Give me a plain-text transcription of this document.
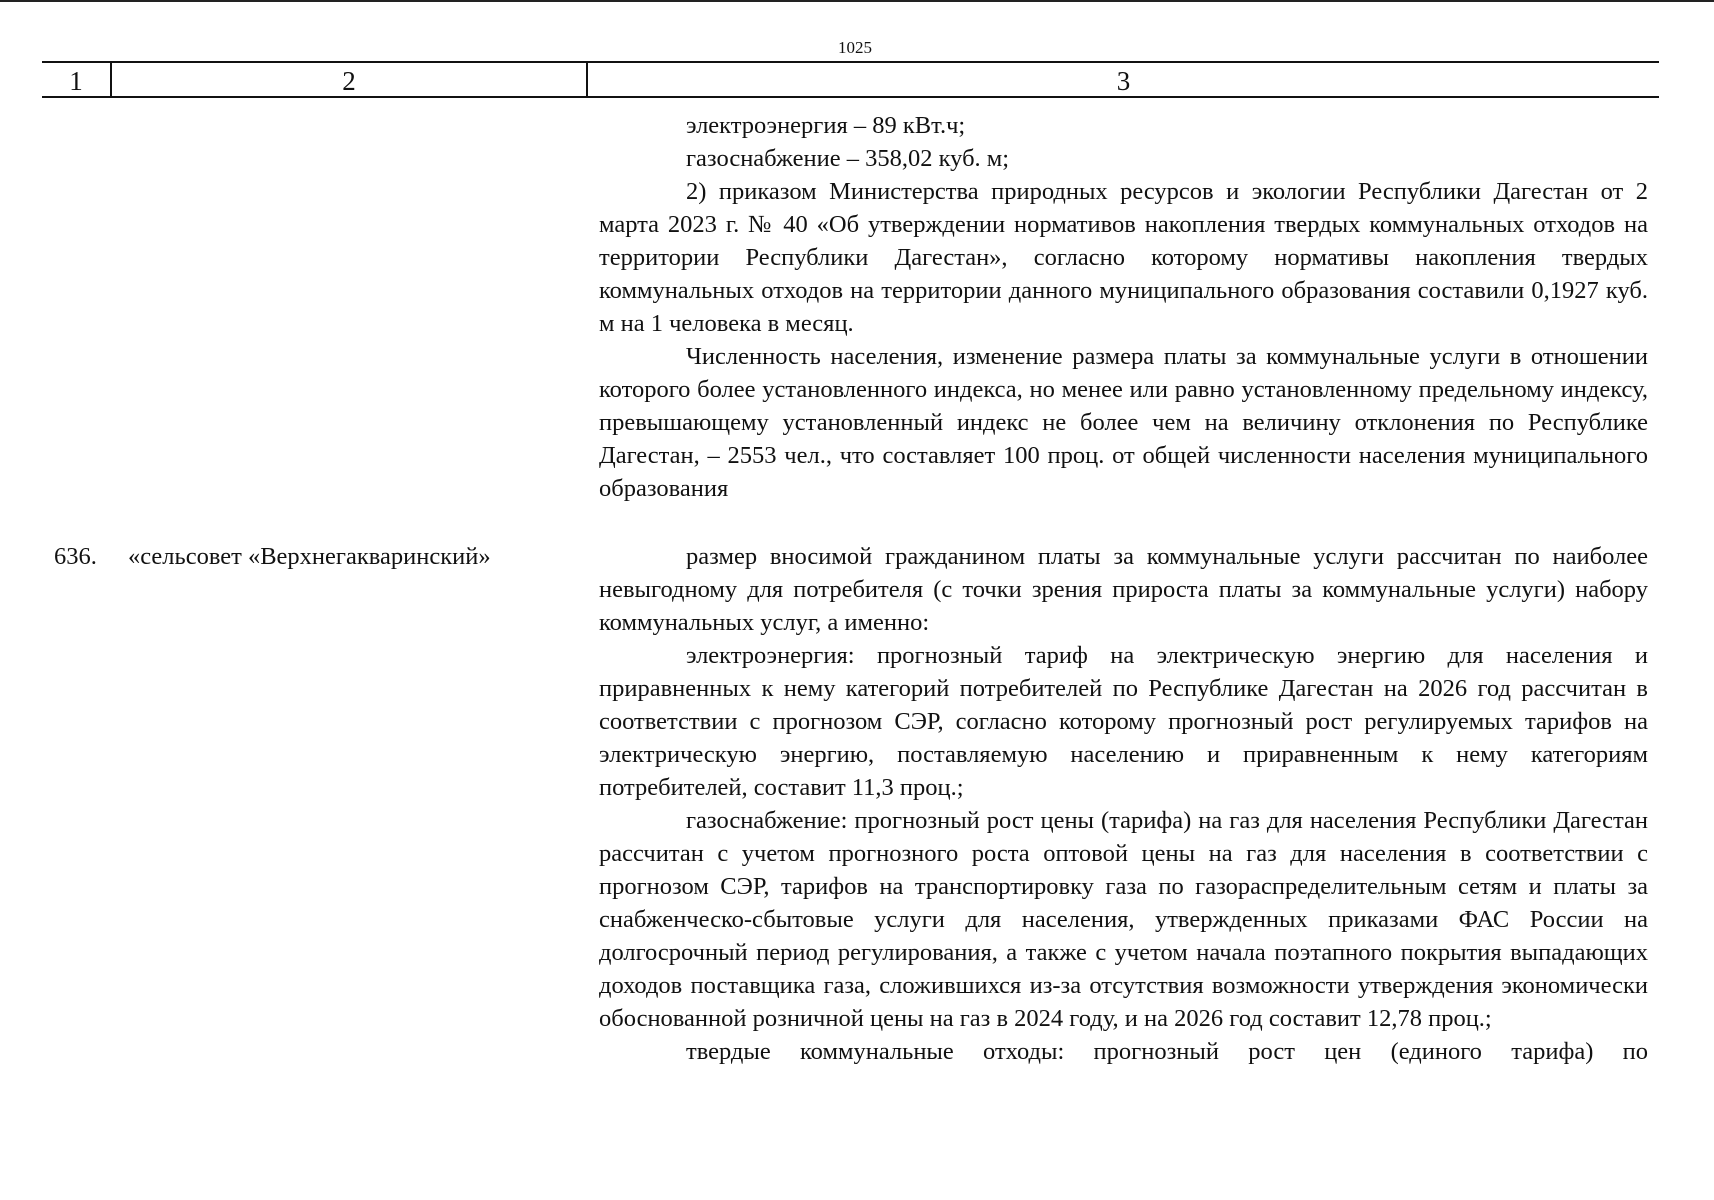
1025
1	2	3

электроэнергия – 89 кВт.ч;

газоснабжение – 358,02 куб. м;

2) приказом Министерства природных ресурсов и экологии Республики Дагестан от 2 марта 2023 г. № 40 «Об утверждении нормативов накопления твердых коммунальных отходов на территории Республики Дагестан», согласно которому нормативы накопления твердых коммунальных отходов на территории данного муниципального образования составили 0,1927 куб. м на 1 человека в месяц.

Численность населения, изменение размера платы за коммунальные услуги в отношении которого более установленного индекса, но менее или равно установленному предельному индексу, превышающему установленный индекс не более чем на величину отклонения по Республике Дагестан, – 2553 чел., что составляет 100 проц. от общей численности населения муниципального образования

636. «сельсовет «Верхнегакваринский»	размер вносимой гражданином платы за коммунальные услуги рассчитан по наиболее невыгодному для потребителя (с точки зрения прироста платы за коммунальные услуги) набору коммунальных услуг, а именно:

электроэнергия: прогнозный тариф на электрическую энергию для населения и приравненных к нему категорий потребителей по Республике Дагестан на 2026 год рассчитан в соответствии с прогнозом СЭР, согласно которому прогнозный рост регулируемых тарифов на электрическую энергию, поставляемую населению и приравненным к нему категориям потребителей, составит 11,3 проц.;

газоснабжение: прогнозный рост цены (тарифа) на газ для населения Республики Дагестан рассчитан с учетом прогнозного роста оптовой цены на газ для населения в соответствии с прогнозом СЭР, тарифов на транспортировку газа по газораспределительным сетям и платы за снабженческо-сбытовые услуги для населения, утвержденных приказами ФАС России на долгосрочный период регулирования, а также с учетом начала поэтапного покрытия выпадающих доходов поставщика газа, сложившихся из-за отсутствия возможности утверждения экономически обоснованной розничной цены на газ в 2024 году, и на 2026 год составит 12,78 проц.;

твердые коммунальные отходы: прогнозный рост цен (единого тарифа) по
